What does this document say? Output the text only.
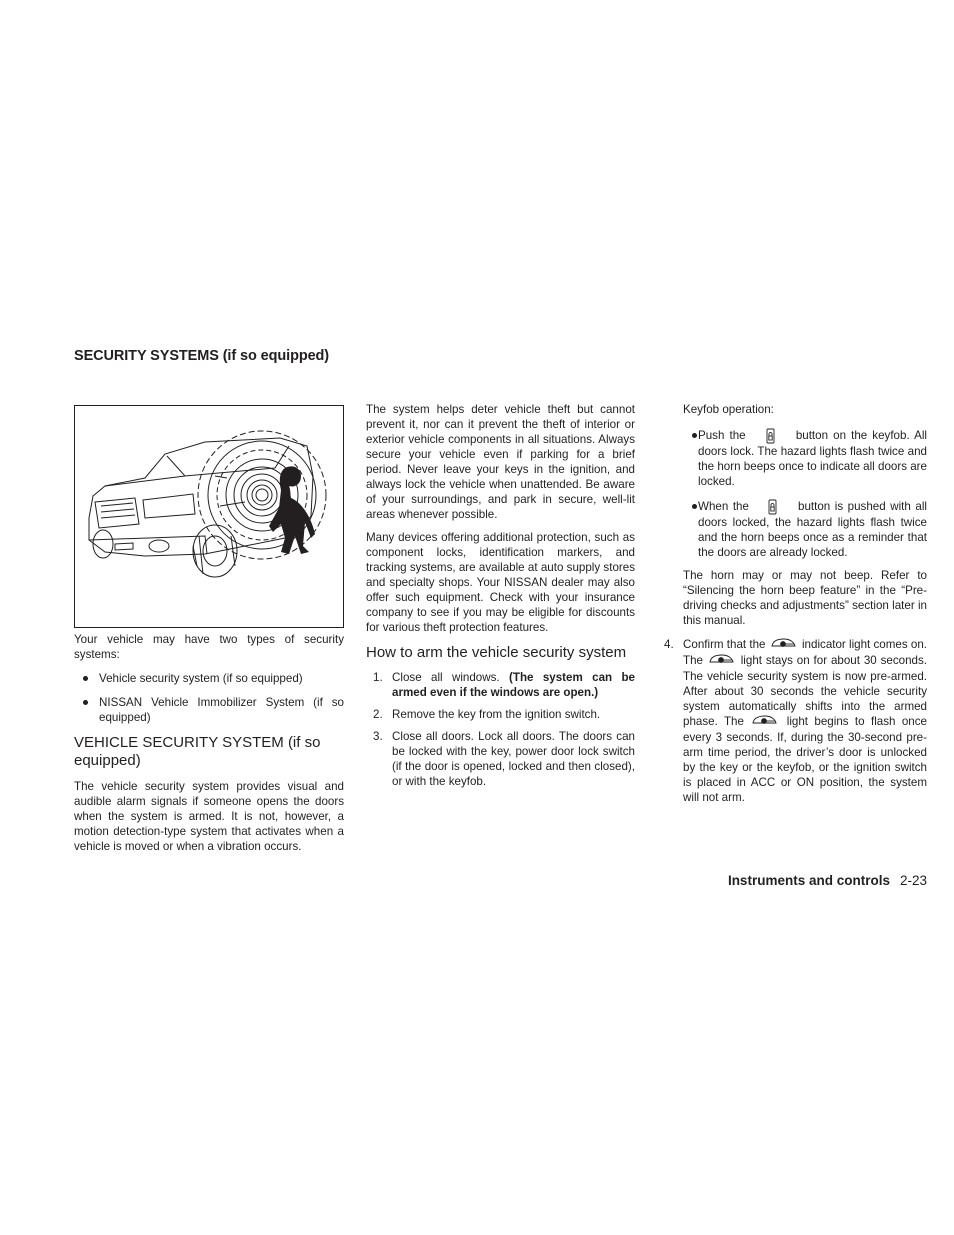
SECURITY SYSTEMS (if so equipped)

Your vehicle may have two types of security systems:

Vehicle security system (if so equipped)
NISSAN Vehicle Immobilizer System (if so equipped)
VEHICLE SECURITY SYSTEM (if so equipped)

The vehicle security system provides visual and audible alarm signals if someone opens the doors when the system is armed. It is not, however, a motion detection-type system that activates when a vehicle is moved or when a vibration occurs.

The system helps deter vehicle theft but cannot prevent it, nor can it prevent the theft of interior or exterior vehicle components in all situations. Always secure your vehicle even if parking for a brief period. Never leave your keys in the ignition, and always lock the vehicle when unattended. Be aware of your surroundings, and park in secure, well-lit areas whenever possible.

Many devices offering additional protection, such as component locks, identification markers, and tracking systems, are available at auto supply stores and specialty shops. Your NISSAN dealer may also offer such equipment. Check with your insurance company to see if you may be eligible for discounts for various theft protection features.

How to arm the vehicle security system
1. Close all windows. (The system can be armed even if the windows are open.)
2. Remove the key from the ignition switch.
3. Close all doors. Lock all doors. The doors can be locked with the key, power door lock switch (if the door is opened, locked and then closed), or with the keyfob.
Keyfob operation:
Push the	button on the keyfob. All doors lock. The hazard lights flash twice and the horn beeps once to indicate all doors are locked.
When the	button is pushed with all doors locked, the hazard lights flash twice and the horn beeps once as a reminder that the doors are already locked.

The horn may or may not beep. Refer to “Silencing the horn beep feature” in the “Pre-driving checks and adjustments” section later in this manual.

4. Confirm that the	indicator light comes on. The	light stays on for about 30 seconds. The vehicle security system is now pre-armed. After about 30 seconds the vehicle security system automatically shifts into the armed phase. The	light begins to flash once every 3 seconds. If, during the 30-second pre-arm time period, the driver’s door is unlocked by the key or the keyfob, or the ignition switch is placed in ACC or ON position, the system will not arm.
Instruments and controls 2-23
